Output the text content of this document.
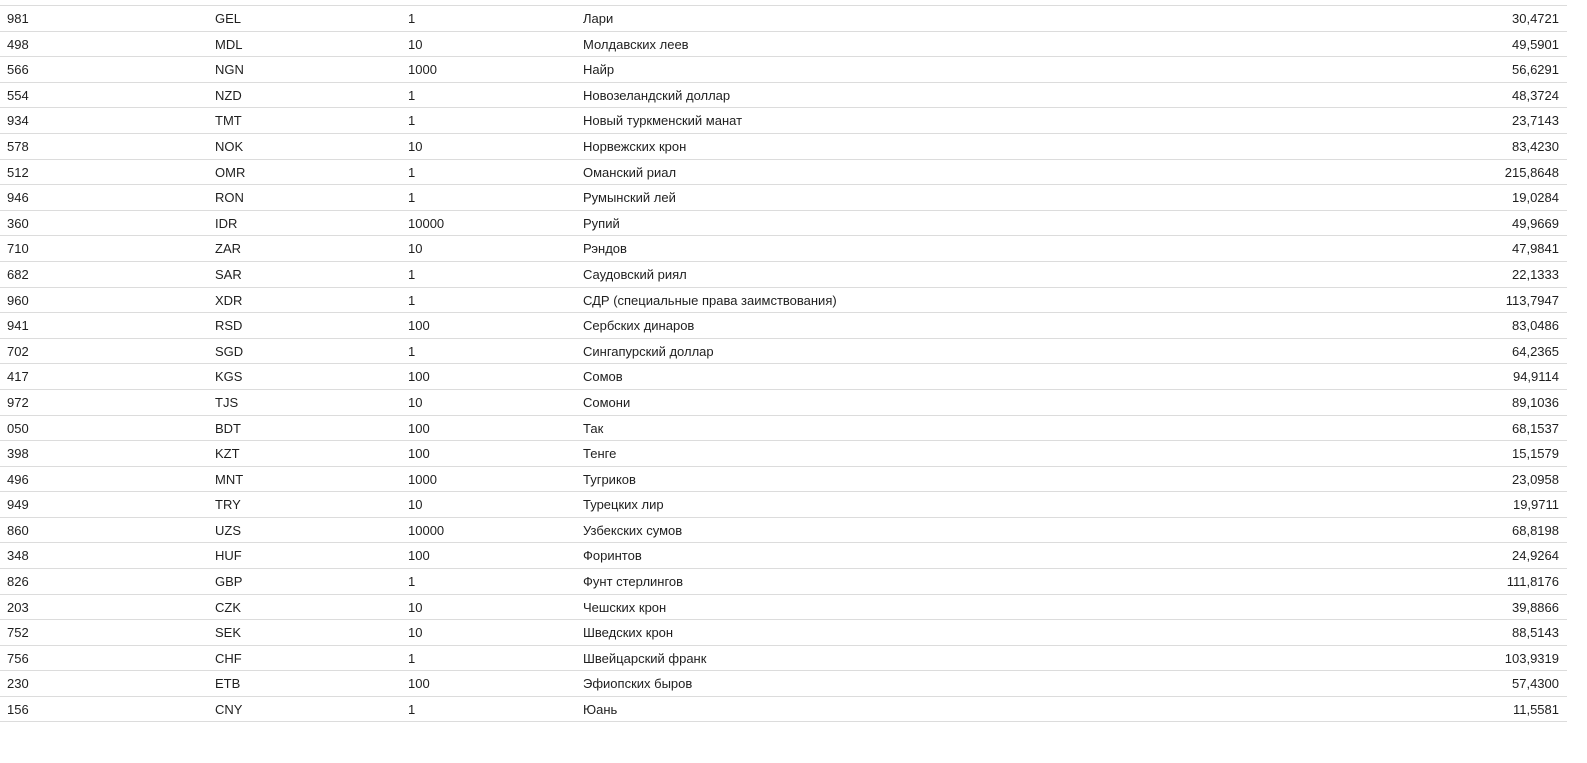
981	GEL	1	Лари	30,4721
498	MDL	10	Молдавских леев	49,5901
566	NGN	1000	Найр	56,6291
554	NZD	1	Новозеландский доллар	48,3724
934	TMT	1	Новый туркменский манат	23,7143
578	NOK	10	Норвежских крон	83,4230
512	OMR	1	Оманский риал	215,8648
946	RON	1	Румынский лей	19,0284
360	IDR	10000	Рупий	49,9669
710	ZAR	10	Рэндов	47,9841
682	SAR	1	Саудовский риял	22,1333
960	XDR	1	СДР (специальные права заимствования)	113,7947
941	RSD	100	Сербских динаров	83,0486
702	SGD	1	Сингапурский доллар	64,2365
417	KGS	100	Сомов	94,9114
972	TJS	10	Сомони	89,1036
050	BDT	100	Так	68,1537
398	KZT	100	Тенге	15,1579
496	MNT	1000	Тугриков	23,0958
949	TRY	10	Турецких лир	19,9711
860	UZS	10000	Узбекских сумов	68,8198
348	HUF	100	Форинтов	24,9264
826	GBP	1	Фунт стерлингов	111,8176
203	CZK	10	Чешских крон	39,8866
752	SEK	10	Шведских крон	88,5143
756	CHF	1	Швейцарский франк	103,9319
230	ETB	100	Эфиопских быров	57,4300
156	CNY	1	Юань	11,5581
